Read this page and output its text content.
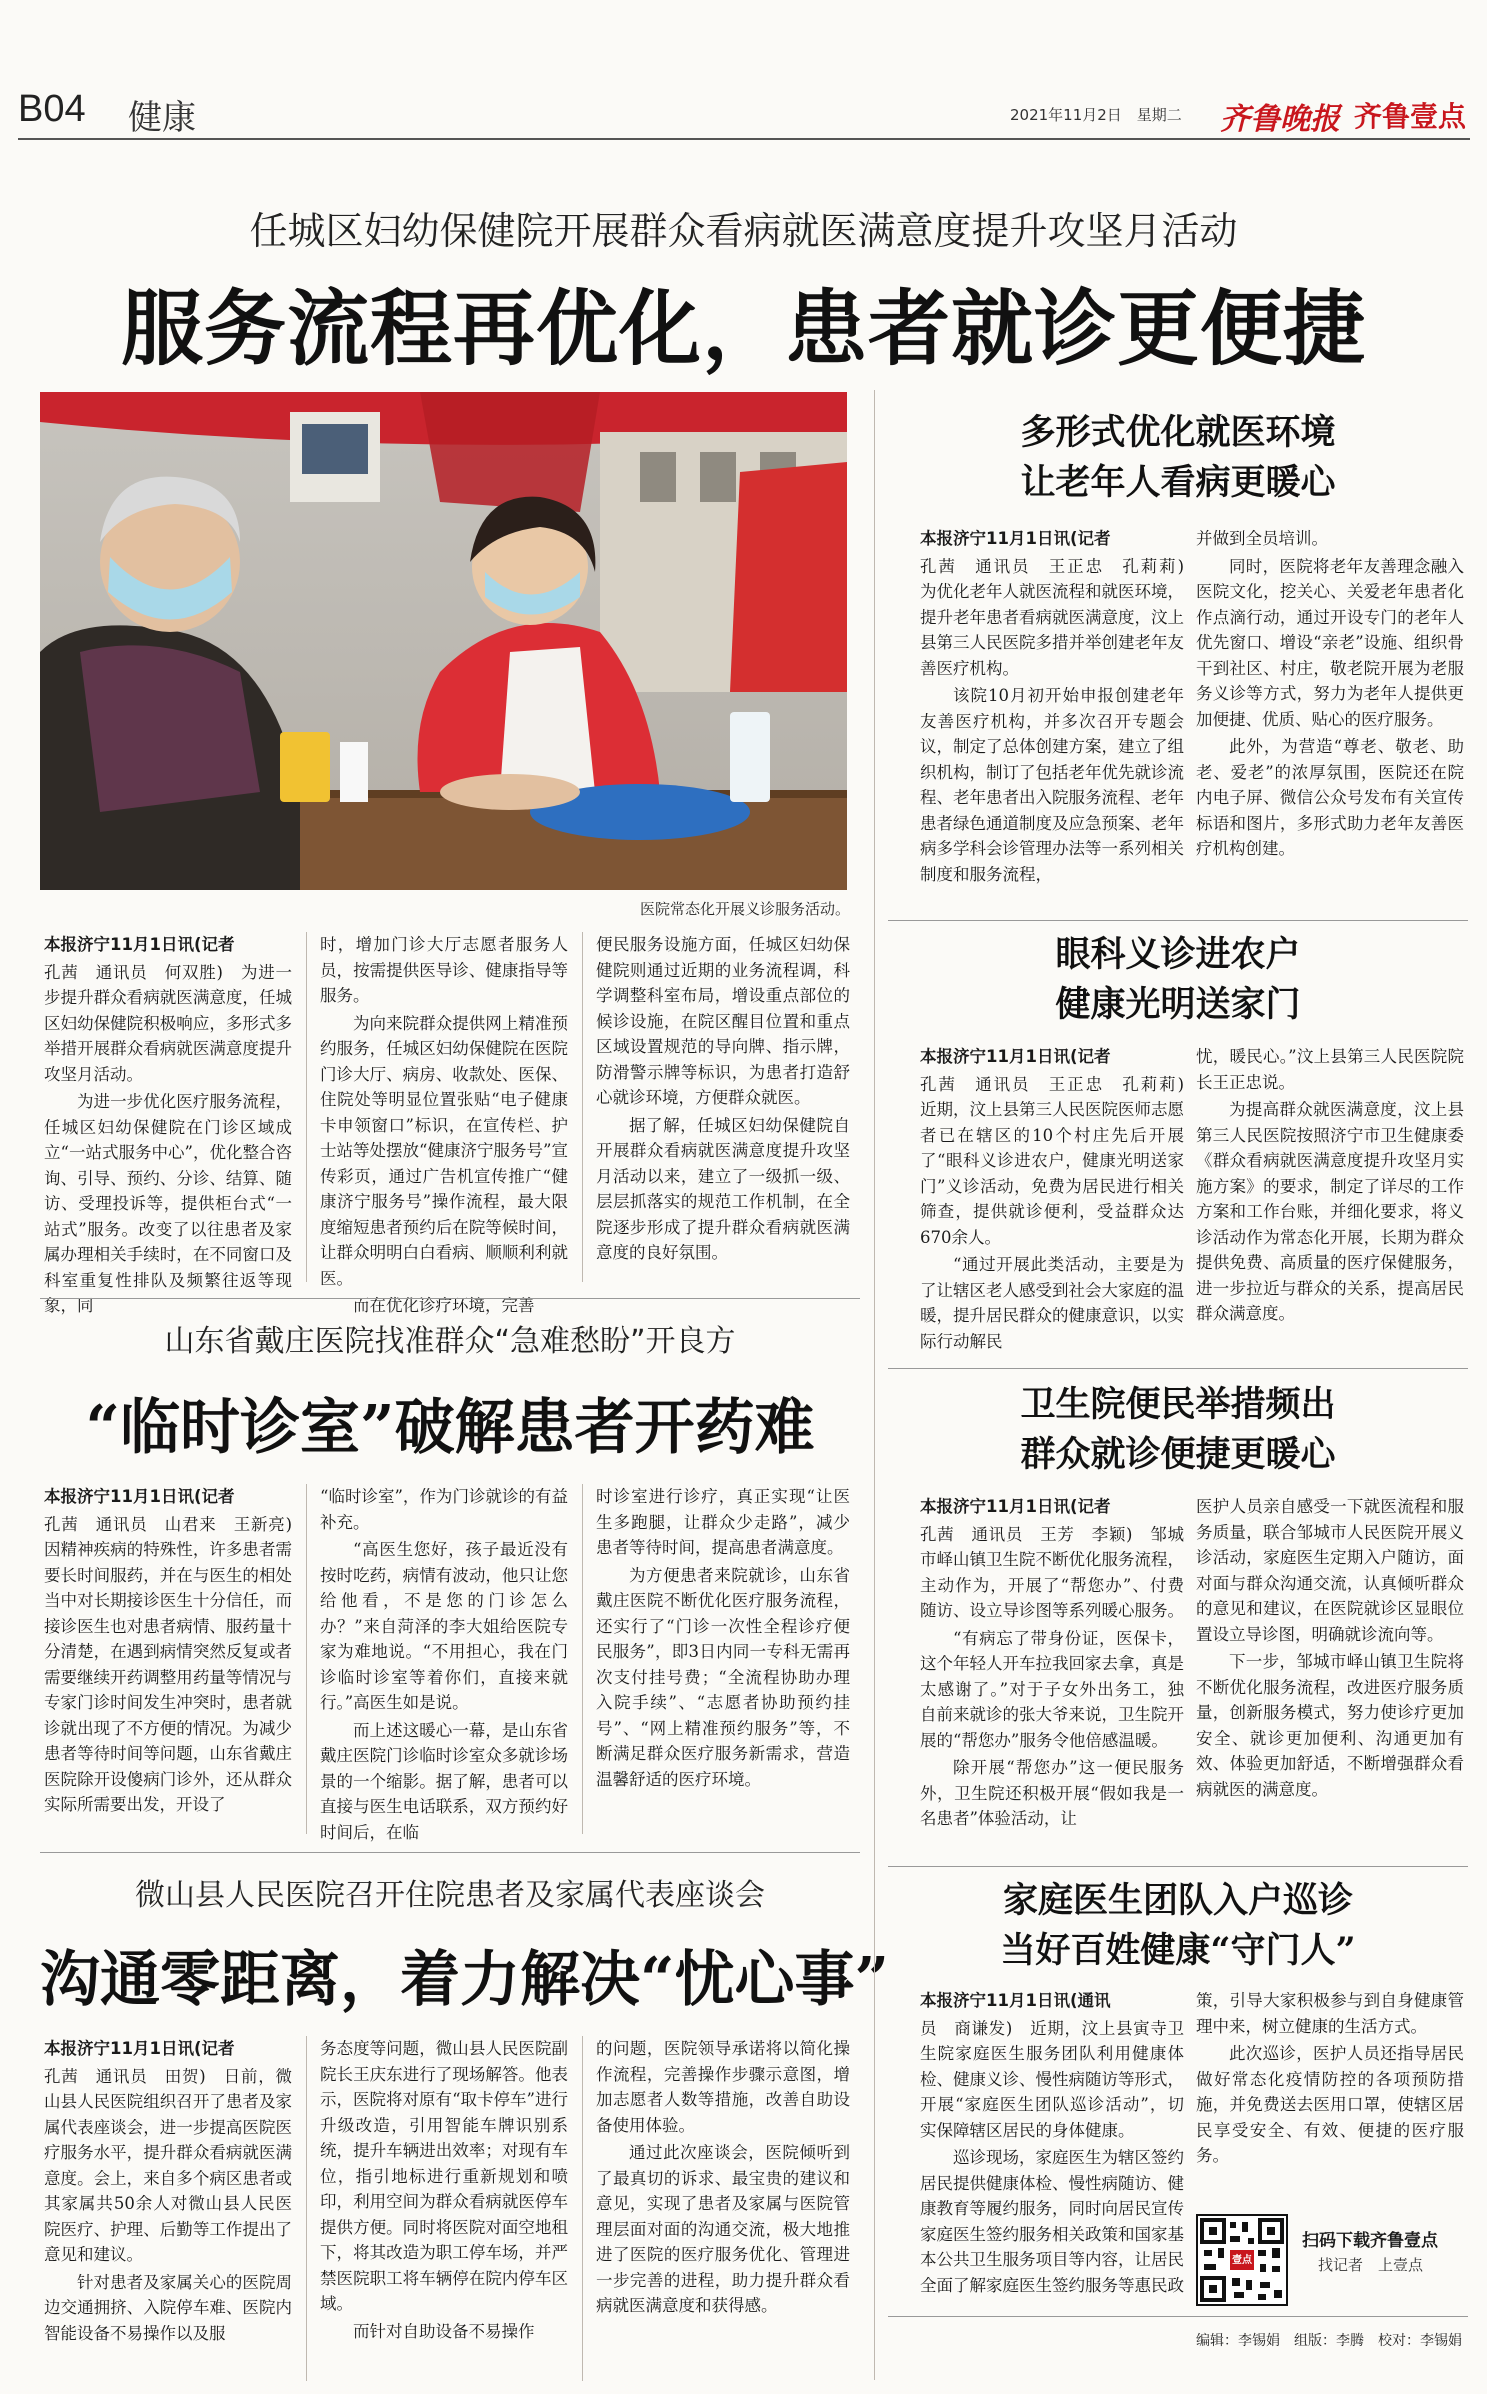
B04 健康	2021年11月2日　星期二 齐鲁晚报 齐鲁壹点
任城区妇幼保健院开展群众看病就医满意度提升攻坚月活动
服务流程再优化，患者就诊更便捷
医院常态化开展义诊服务活动。

本报济宁11月1日讯(记者

孔茜　通讯员　何双胜)　为进一步提升群众看病就医满意度，任城区妇幼保健院积极响应，多形式多举措开展群众看病就医满意度提升攻坚月活动。

为进一步优化医疗服务流程，任城区妇幼保健院在门诊区域成立“一站式服务中心”，优化整合咨询、引导、预约、分诊、结算、随访、受理投诉等，提供柜台式“一站式”服务。改变了以往患者及家属办理相关手续时，在不同窗口及科室重复性排队及频繁往返等现象，同

时，增加门诊大厅志愿者服务人员，按需提供医导诊、健康指导等服务。

为向来院群众提供网上精准预约服务，任城区妇幼保健院在医院门诊大厅、病房、收款处、医保、住院处等明显位置张贴“电子健康卡申领窗口”标识，在宣传栏、护士站等处摆放“健康济宁服务号”宣传彩页，通过广告机宣传推广“健康济宁服务号”操作流程，最大限度缩短患者预约后在院等候时间，让群众明明白白看病、顺顺利利就医。

而在优化诊疗环境，完善

便民服务设施方面，任城区妇幼保健院则通过近期的业务流程调，科学调整科室布局，增设重点部位的候诊设施，在院区醒目位置和重点区域设置规范的导向牌、指示牌，防滑警示牌等标识，为患者打造舒心就诊环境，方便群众就医。

据了解，任城区妇幼保健院自开展群众看病就医满意度提升攻坚月活动以来，建立了一级抓一级、层层抓落实的规范工作机制，在全院逐步形成了提升群众看病就医满意度的良好氛围。

山东省戴庄医院找准群众“急难愁盼”开良方
“临时诊室”破解患者开药难

本报济宁11月1日讯(记者

孔茜　通讯员　山君来　王新亮)　因精神疾病的特殊性，许多患者需要长时间服药，并在与医生的相处当中对长期接诊医生十分信任，而接诊医生也对患者病情、服药量十分清楚，在遇到病情突然反复或者需要继续开药调整用药量等情况与专家门诊时间发生冲突时，患者就诊就出现了不方便的情况。为减少患者等待时间等问题，山东省戴庄医院除开设傻病门诊外，还从群众实际所需要出发，开设了

“临时诊室”，作为门诊就诊的有益补充。

“高医生您好，孩子最近没有按时吃药，病情有波动，他只让您给他看，不是您的门诊怎么办？”来自菏泽的李大姐给医院专家为难地说。“不用担心，我在门诊临时诊室等着你们，直接来就行。”高医生如是说。

而上述这暖心一幕，是山东省戴庄医院门诊临时诊室众多就诊场景的一个缩影。据了解，患者可以直接与医生电话联系，双方预约好时间后，在临

时诊室进行诊疗，真正实现“让医生多跑腿，让群众少走路”，减少患者等待时间，提高患者满意度。

为方便患者来院就诊，山东省戴庄医院不断优化医疗服务流程，还实行了“门诊一次性全程诊疗便民服务”，即3日内同一专科无需再次支付挂号费；“全流程协助办理入院手续”、“志愿者协助预约挂号”、“网上精准预约服务”等，不断满足群众医疗服务新需求，营造温馨舒适的医疗环境。

微山县人民医院召开住院患者及家属代表座谈会
沟通零距离，着力解决“忧心事”

本报济宁11月1日讯(记者

孔茜　通讯员　田贺)　日前，微山县人民医院组织召开了患者及家属代表座谈会，进一步提高医院医疗服务水平，提升群众看病就医满意度。会上，来自多个病区患者或其家属共50余人对微山县人民医院医疗、护理、后勤等工作提出了意见和建议。

针对患者及家属关心的医院周边交通拥挤、入院停车难、医院内智能设备不易操作以及服

务态度等问题，微山县人民医院副院长王庆东进行了现场解答。他表示，医院将对原有“取卡停车”进行升级改造，引用智能车牌识别系统，提升车辆进出效率；对现有车位，指引地标进行重新规划和喷印，利用空间为群众看病就医停车提供方便。同时将医院对面空地租下，将其改造为职工停车场，并严禁医院职工将车辆停在院内停车区域。

而针对自助设备不易操作

的问题，医院领导承诺将以简化操作流程，完善操作步骤示意图，增加志愿者人数等措施，改善自助设备使用体验。

通过此次座谈会，医院倾听到了最真切的诉求、最宝贵的建议和意见，实现了患者及家属与医院管理层面对面的沟通交流，极大地推进了医院的医疗服务优化、管理进一步完善的进程，助力提升群众看病就医满意度和获得感。

多形式优化就医环境
让老年人看病更暖心

本报济宁11月1日讯(记者

孔茜　通讯员　王正忠　孔莉莉)　为优化老年人就医流程和就医环境，提升老年患者看病就医满意度，汶上县第三人民医院多措并举创建老年友善医疗机构。

该院10月初开始申报创建老年友善医疗机构，并多次召开专题会议，制定了总体创建方案，建立了组织机构，制订了包括老年优先就诊流程、老年患者出入院服务流程、老年患者绿色通道制度及应急预案、老年病多学科会诊管理办法等一系列相关制度和服务流程，

并做到全员培训。

同时，医院将老年友善理念融入医院文化，挖关心、关爱老年患者化作点滴行动，通过开设专门的老年人优先窗口、增设“亲老”设施、组织骨干到社区、村庄，敬老院开展为老服务义诊等方式，努力为老年人提供更加便捷、优质、贴心的医疗服务。

此外，为营造“尊老、敬老、助老、爱老”的浓厚氛围，医院还在院内电子屏、微信公众号发布有关宣传标语和图片，多形式助力老年友善医疗机构创建。

眼科义诊进农户
健康光明送家门

本报济宁11月1日讯(记者

孔茜　通讯员　王正忠　孔莉莉)　近期，汶上县第三人民医院医师志愿者已在辖区的10个村庄先后开展了“眼科义诊进农户，健康光明送家门”义诊活动，免费为居民进行相关筛查，提供就诊便利，受益群众达670余人。

“通过开展此类活动，主要是为了让辖区老人感受到社会大家庭的温暖，提升居民群众的健康意识，以实际行动解民

忧，暖民心。”汶上县第三人民医院院长王正忠说。

为提高群众就医满意度，汶上县第三人民医院按照济宁市卫生健康委《群众看病就医满意度提升攻坚月实施方案》的要求，制定了详尽的工作方案和工作台账，并细化要求，将义诊活动作为常态化开展，长期为群众提供免费、高质量的医疗保健服务，进一步拉近与群众的关系，提高居民群众满意度。

卫生院便民举措频出
群众就诊便捷更暖心

本报济宁11月1日讯(记者

孔茜　通讯员　王芳　李颖)　邹城市峄山镇卫生院不断优化服务流程，主动作为，开展了“帮您办”、付费随访、设立导诊图等系列暖心服务。

“有病忘了带身份证，医保卡，这个年轻人开车拉我回家去拿，真是太感谢了。”对于子女外出务工，独自前来就诊的张大爷来说，卫生院开展的“帮您办”服务令他倍感温暖。

除开展“帮您办”这一便民服务外，卫生院还积极开展“假如我是一名患者”体验活动，让

医护人员亲自感受一下就医流程和服务质量，联合邹城市人民医院开展义诊活动，家庭医生定期入户随访，面对面与群众沟通交流，认真倾听群众的意见和建议，在医院就诊区显眼位置设立导诊图，明确就诊流向等。

下一步，邹城市峄山镇卫生院将不断优化服务流程，改进医疗服务质量，创新服务模式，努力使诊疗更加安全、就诊更加便利、沟通更加有效、体验更加舒适，不断增强群众看病就医的满意度。

家庭医生团队入户巡诊
当好百姓健康“守门人”

本报济宁11月1日讯(通讯

员　商谦发)　近期，汶上县寅寺卫生院家庭医生服务团队利用健康体检、健康义诊、慢性病随访等形式，开展“家庭医生团队巡诊活动”，切实保障辖区居民的身体健康。

巡诊现场，家庭医生为辖区签约居民提供健康体检、慢性病随访、健康教育等履约服务，同时向居民宣传家庭医生签约服务相关政策和国家基本公共卫生服务项目等内容，让居民全面了解家庭医生签约服务等惠民政

策，引导大家积极参与到自身健康管理中来，树立健康的生活方式。

此次巡诊，医护人员还指导居民做好常态化疫情防控的各项预防措施，并免费送去医用口罩，使辖区居民享受安全、有效、便捷的医疗服务。

壹点
扫码下载齐鲁壹点
找记者　上壹点
编辑：李锡娟　组版：李腾　校对：李锡娟
